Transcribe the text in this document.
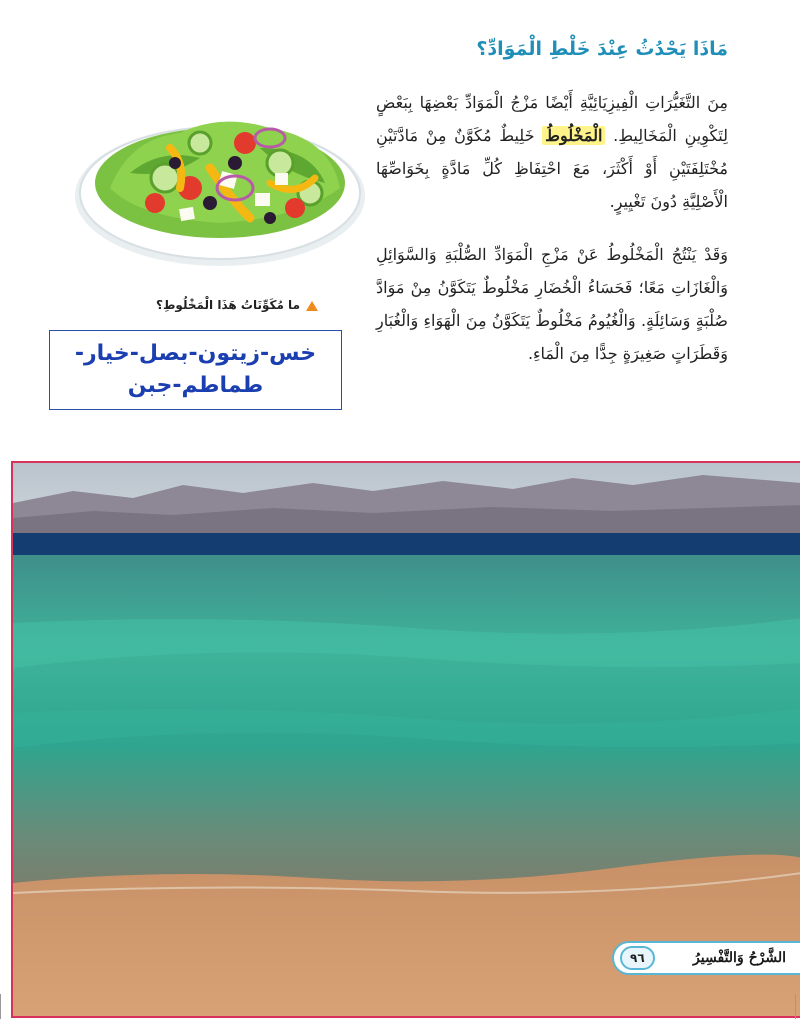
مَاذَا يَحْدُثُ عِنْدَ خَلْطِ الْمَوَادِّ؟

مِنَ التَّغَيُّرَاتِ الْفِيزِيَائِيَّةِ أَيْضًا مَزْجُ الْمَوَادِّ بَعْضِهَا بِبَعْضٍ لِتَكْوِينِ الْمَخَالِيطِ. الْمَخْلُوطُ خَلِيطٌ مُكَوَّنٌ مِنْ مَادَّتَيْنِ مُخْتَلِفَتَيْنِ أَوْ أَكْثَرَ، مَعَ احْتِفَاظِ كُلِّ مَادَّةٍ بِخَوَاصِّهَا الْأَصْلِيَّةِ دُونَ تَغْيِيرٍ.

وَقَدْ يَنْتُجُ الْمَخْلُوطُ عَنْ مَزْجِ الْمَوَادِّ الصُّلْبَةِ وَالسَّوَائِلِ وَالْغَازَاتِ مَعًا؛ فَحَسَاءُ الْخُضَارِ مَخْلُوطٌ يَتَكَوَّنُ مِنْ مَوَادَّ صُلْبَةٍ وَسَائِلَةٍ. وَالْغُيُومُ مَخْلُوطٌ يَتَكَوَّنُ مِنَ الْهَوَاءِ وَالْغُبَارِ وَقَطَرَاتٍ صَغِيرَةٍ جِدًّا مِنَ الْمَاءِ.

ما مُكَوِّنَاتُ هَذَا الْمَخْلُوطِ؟
خس-زيتون-بصل-خيار-طماطم-جبن
الشَّرْحُ وَالتَّفْسِيرُ
٩٦
